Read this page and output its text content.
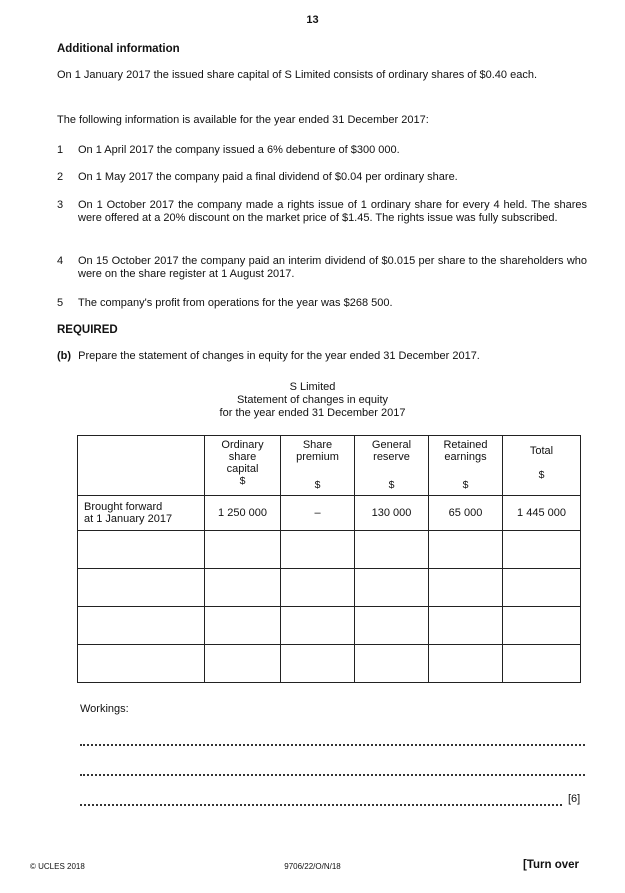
13
Additional information
On 1 January 2017 the issued share capital of S Limited consists of ordinary shares of $0.40 each.
The following information is available for the year ended 31 December 2017:
1	On 1 April 2017 the company issued a 6% debenture of $300 000.
2	On 1 May 2017 the company paid a final dividend of $0.04 per ordinary share.
3	On 1 October 2017 the company made a rights issue of 1 ordinary share for every 4 held. The shares were offered at a 20% discount on the market price of $1.45. The rights issue was fully subscribed.
4	On 15 October 2017 the company paid an interim dividend of $0.015 per share to the shareholders who were on the share register at 1 August 2017.
5	The company's profit from operations for the year was $268 500.
REQUIRED
(b) Prepare the statement of changes in equity for the year ended 31 December 2017.
S Limited
Statement of changes in equity
for the year ended 31 December 2017

	Ordinary
share
capital
$	Share
premium
$	General
reserve
$	Retained
earnings
$	Total
$

Brought forward
at 1 January 2017	1 250 000	–	130 000	65 000	1 445 000

Workings:
[6]
© UCLES 2018	9706/22/O/N/18	[Turn over
